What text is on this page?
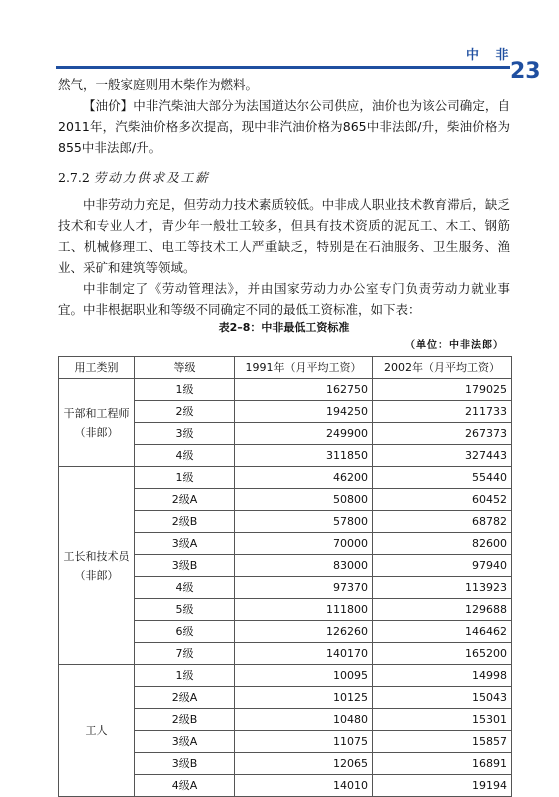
中 非
23

然气，一般家庭则用木柴作为燃料。

【油价】中非汽柴油大部分为法国道达尔公司供应，油价也为该公司确定，自2011年，汽柴油价格多次提高，现中非汽油价格为865中非法郎/升，柴油价格为855中非法郎/升。

2.7.2 劳动力供求及工薪

中非劳动力充足，但劳动力技术素质较低。中非成人职业技术教育滞后，缺乏技术和专业人才，青少年一般壮工较多，但具有技术资质的泥瓦工、木工、钢筋工、机械修理工、电工等技术工人严重缺乏，特别是在石油服务、卫生服务、渔业、采矿和建筑等领域。

中非制定了《劳动管理法》，并由国家劳动力办公室专门负责劳动力就业事宜。中非根据职业和等级不同确定不同的最低工资标准，如下表：

表2–8：中非最低工资标准
（单位：中非法郎）
用工类别	等级	1991年（月平均工资）	2002年（月平均工资）
干部和工程师（非郎）	1级	162750	179025
	2级	194250	211733
	3级	249900	267373
	4级	311850	327443
工长和技术员（非郎）	1级	46200	55440
	2级A	50800	60452
	2级B	57800	68782
	3级A	70000	82600
	3级B	83000	97940
	4级	97370	113923
	5级	111800	129688
	6级	126260	146462
	7级	140170	165200
工人	1级	10095	14998
	2级A	10125	15043
	2级B	10480	15301
	3级A	11075	15857
	3级B	12065	16891
	4级A	14010	19194
